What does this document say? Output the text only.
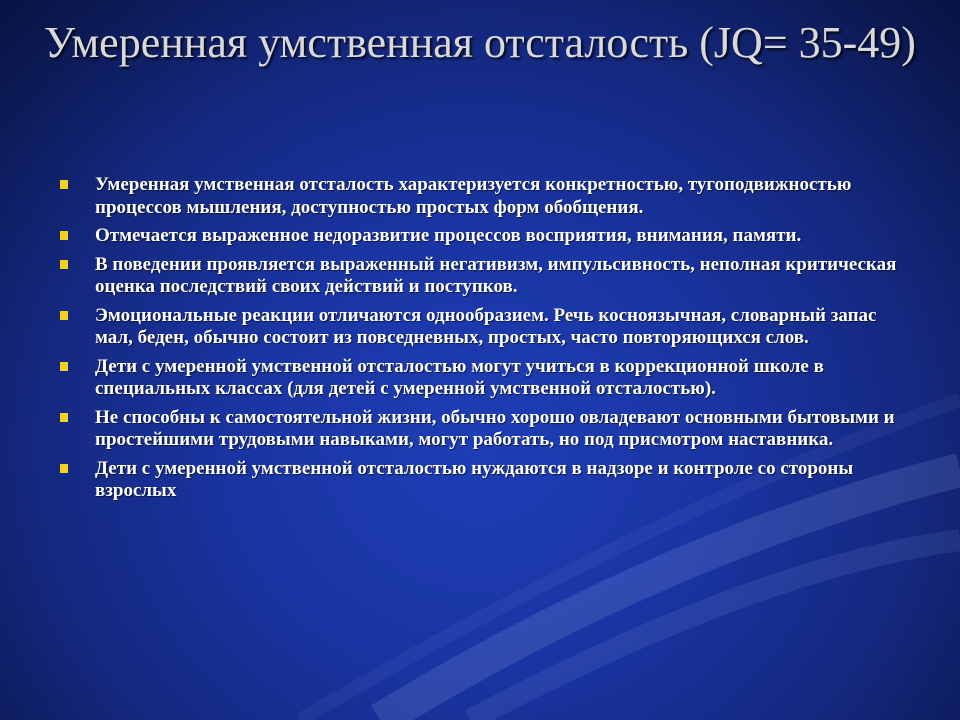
Умеренная умственная отсталость (JQ= 35-49)
Умеренная умственная отсталость характеризуется конкретностью, тугоподвижностью процессов мышления, доступностью простых форм обобщения.
Отмечается выраженное недоразвитие процессов восприятия, внимания, памяти.
В поведении проявляется выраженный негативизм, импульсивность, неполная критическая оценка последствий своих действий и поступков.
Эмоциональные реакции отличаются однообразием. Речь косноязычная, словарный запас мал, беден, обычно состоит из повседневных, простых, часто повторяющихся слов.
Дети с умеренной умственной отсталостью могут учиться в коррекционной школе в специальных классах (для детей с умеренной умственной отсталостью).
Не способны к самостоятельной жизни, обычно хорошо овладевают основными бытовыми и простейшими трудовыми навыками, могут работать, но под присмотром наставника.
Дети с умеренной умственной отсталостью нуждаются в надзоре и контроле со стороны взрослых
